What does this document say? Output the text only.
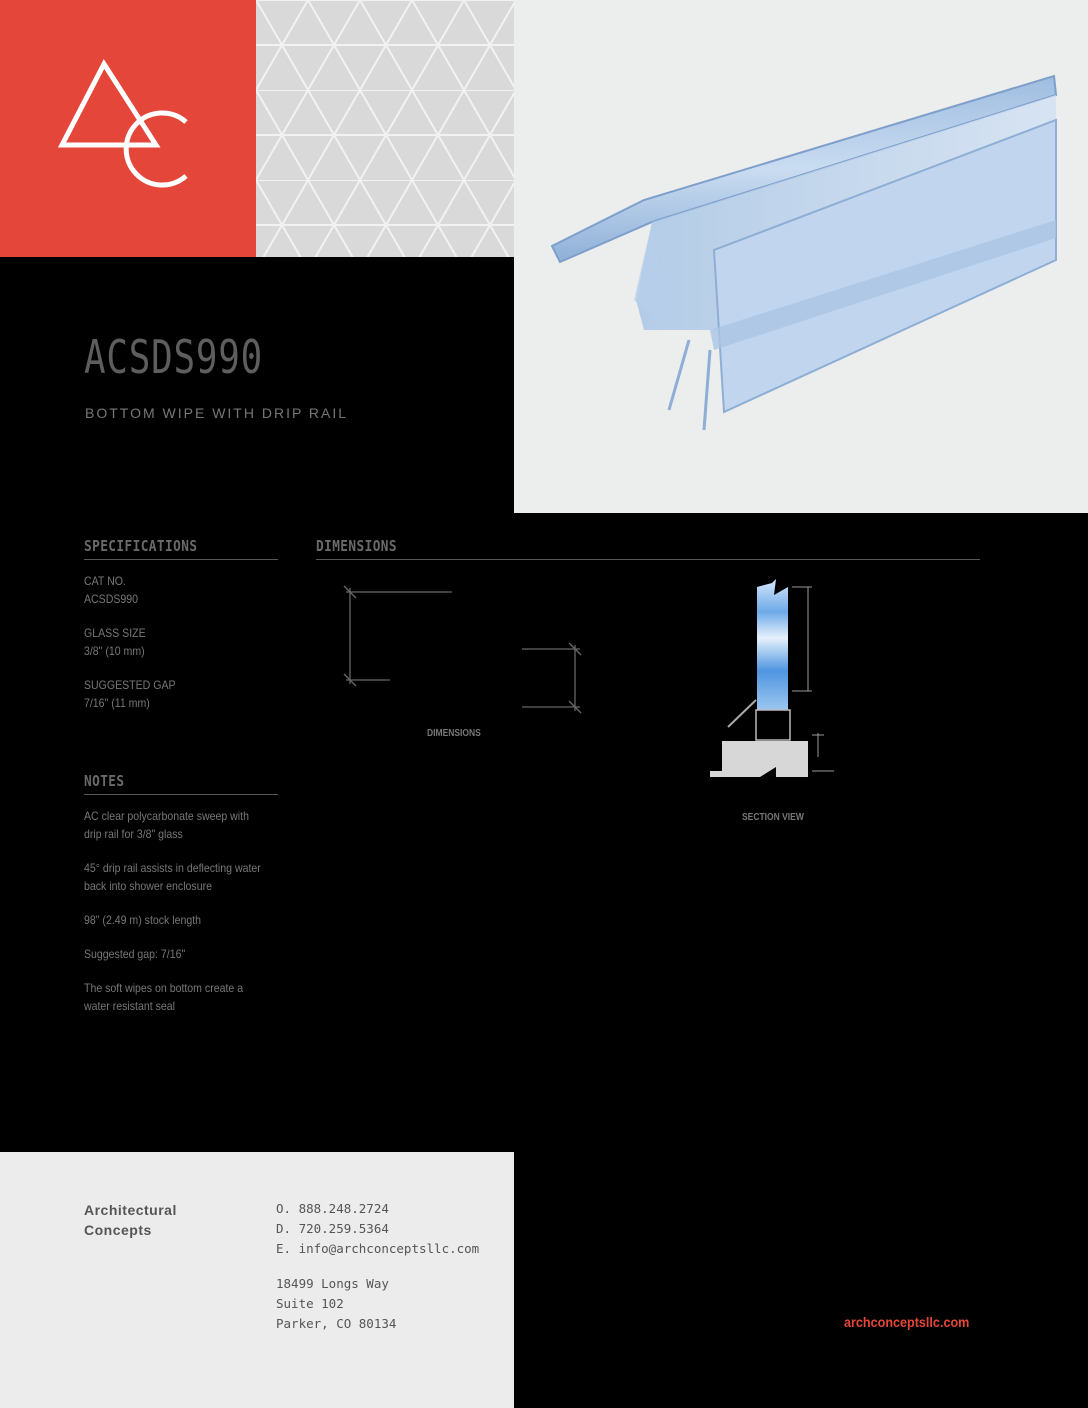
ACSDS990
BOTTOM WIPE WITH DRIP RAIL
SPECIFICATIONS
CAT NO.
ACSDS990
GLASS SIZE
3/8" (10 mm)
SUGGESTED GAP
7/16" (11 mm)
NOTES
AC clear polycarbonate sweep with drip rail for 3/8" glass
45° drip rail assists in deflecting water back into shower enclosure
98" (2.49 m) stock length
Suggested gap: 7/16"
The soft wipes on bottom create a water resistant seal
DIMENSIONS
DIMENSIONS
SECTION VIEW
Architectural
Concepts
O. 888.248.2724
D. 720.259.5364
E. info@archconceptsllc.com
18499 Longs Way
Suite 102
Parker, CO 80134	archconceptsllc.com
